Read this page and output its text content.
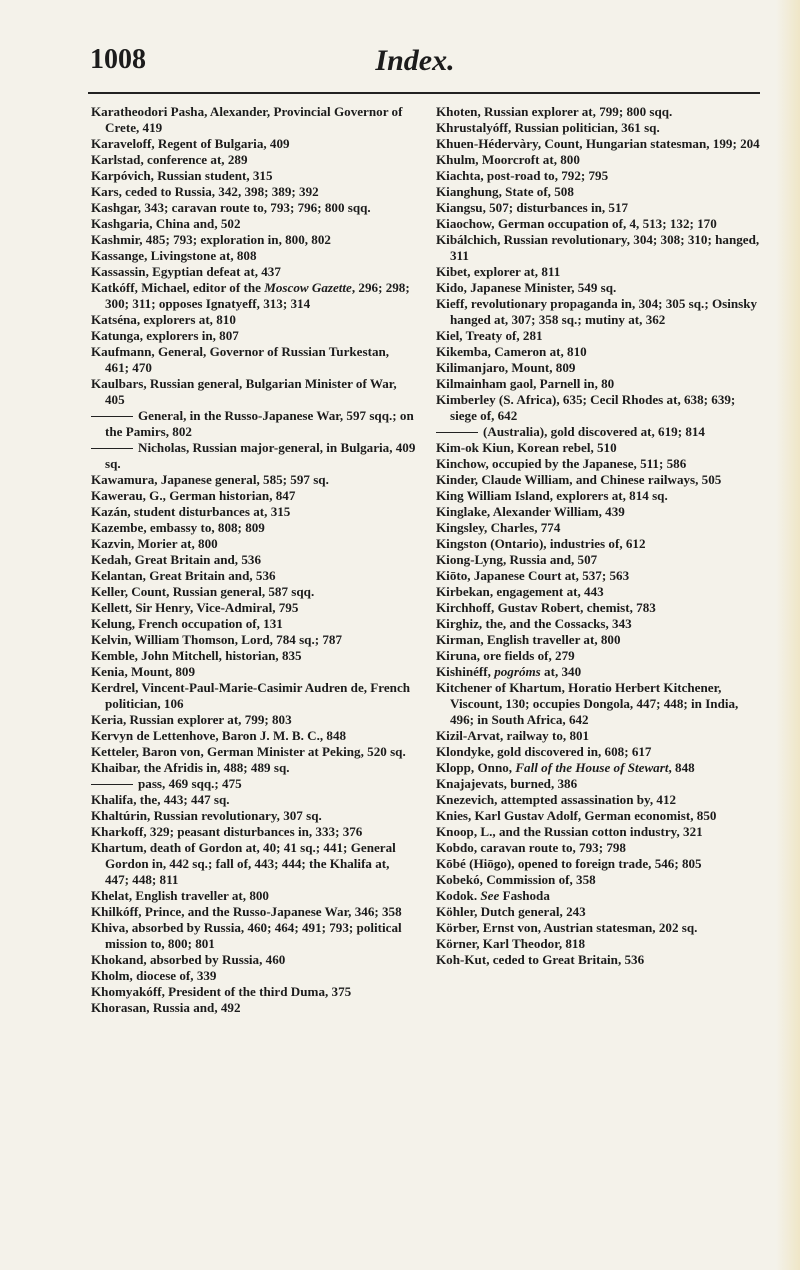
1008	Index.

Karatheodori Pasha, Alexander, Provincial Governor of Crete, 419

Karaveloff, Regent of Bulgaria, 409

Karlstad, conference at, 289

Karpóvich, Russian student, 315

Kars, ceded to Russia, 342, 398; 389; 392

Kashgar, 343; caravan route to, 793; 796; 800 sqq.

Kashgaria, China and, 502

Kashmir, 485; 793; exploration in, 800, 802

Kassange, Livingstone at, 808

Kassassin, Egyptian defeat at, 437

Katkóff, Michael, editor of the Moscow Gazette, 296; 298; 300; 311; opposes Ignatyeff, 313; 314

Katséna, explorers at, 810

Katunga, explorers in, 807

Kaufmann, General, Governor of Russian Turkestan, 461; 470

Kaulbars, Russian general, Bulgarian Minister of War, 405

General, in the Russo-Japanese War, 597 sqq.; on the Pamirs, 802

Nicholas, Russian major-general, in Bulgaria, 409 sq.

Kawamura, Japanese general, 585; 597 sq.

Kawerau, G., German historian, 847

Kazán, student disturbances at, 315

Kazembe, embassy to, 808; 809

Kazvin, Morier at, 800

Kedah, Great Britain and, 536

Kelantan, Great Britain and, 536

Keller, Count, Russian general, 587 sqq.

Kellett, Sir Henry, Vice-Admiral, 795

Kelung, French occupation of, 131

Kelvin, William Thomson, Lord, 784 sq.; 787

Kemble, John Mitchell, historian, 835

Kenia, Mount, 809

Kerdrel, Vincent-Paul-Marie-Casimir Audren de, French politician, 106

Keria, Russian explorer at, 799; 803

Kervyn de Lettenhove, Baron J. M. B. C., 848

Ketteler, Baron von, German Minister at Peking, 520 sq.

Khaibar, the Afridis in, 488; 489 sq.

pass, 469 sqq.; 475

Khalifa, the, 443; 447 sq.

Khaltúrin, Russian revolutionary, 307 sq.

Kharkoff, 329; peasant disturbances in, 333; 376

Khartum, death of Gordon at, 40; 41 sq.; 441; General Gordon in, 442 sq.; fall of, 443; 444; the Khalifa at, 447; 448; 811

Khelat, English traveller at, 800

Khilkóff, Prince, and the Russo-Japanese War, 346; 358

Khiva, absorbed by Russia, 460; 464; 491; 793; political mission to, 800; 801

Khokand, absorbed by Russia, 460

Kholm, diocese of, 339

Khomyakóff, President of the third Duma, 375

Khorasan, Russia and, 492

Khoten, Russian explorer at, 799; 800 sqq.

Khrustalyóff, Russian politician, 361 sq.

Khuen-Hédervàry, Count, Hungarian statesman, 199; 204

Khulm, Moorcroft at, 800

Kiachta, post-road to, 792; 795

Kianghung, State of, 508

Kiangsu, 507; disturbances in, 517

Kiaochow, German occupation of, 4, 513; 132; 170

Kibálchich, Russian revolutionary, 304; 308; 310; hanged, 311

Kibet, explorer at, 811

Kido, Japanese Minister, 549 sq.

Kieff, revolutionary propaganda in, 304; 305 sq.; Osinsky hanged at, 307; 358 sq.; mutiny at, 362

Kiel, Treaty of, 281

Kikemba, Cameron at, 810

Kilimanjaro, Mount, 809

Kilmainham gaol, Parnell in, 80

Kimberley (S. Africa), 635; Cecil Rhodes at, 638; 639; siege of, 642

(Australia), gold discovered at, 619; 814

Kim-ok Kiun, Korean rebel, 510

Kinchow, occupied by the Japanese, 511; 586

Kinder, Claude William, and Chinese railways, 505

King William Island, explorers at, 814 sq.

Kinglake, Alexander William, 439

Kingsley, Charles, 774

Kingston (Ontario), industries of, 612

Kiong-Lyng, Russia and, 507

Kiōto, Japanese Court at, 537; 563

Kirbekan, engagement at, 443

Kirchhoff, Gustav Robert, chemist, 783

Kirghiz, the, and the Cossacks, 343

Kirman, English traveller at, 800

Kiruna, ore fields of, 279

Kishinéff, pogróms at, 340

Kitchener of Khartum, Horatio Herbert Kitchener, Viscount, 130; occupies Dongola, 447; 448; in India, 496; in South Africa, 642

Kizil-Arvat, railway to, 801

Klondyke, gold discovered in, 608; 617

Klopp, Onno, Fall of the House of Stewart, 848

Knajajevats, burned, 386

Knezevich, attempted assassination by, 412

Knies, Karl Gustav Adolf, German economist, 850

Knoop, L., and the Russian cotton industry, 321

Kobdo, caravan route to, 793; 798

Kōbé (Hiōgo), opened to foreign trade, 546; 805

Kobekó, Commission of, 358

Kodok. See Fashoda

Köhler, Dutch general, 243

Körber, Ernst von, Austrian statesman, 202 sq.

Körner, Karl Theodor, 818

Koh-Kut, ceded to Great Britain, 536
